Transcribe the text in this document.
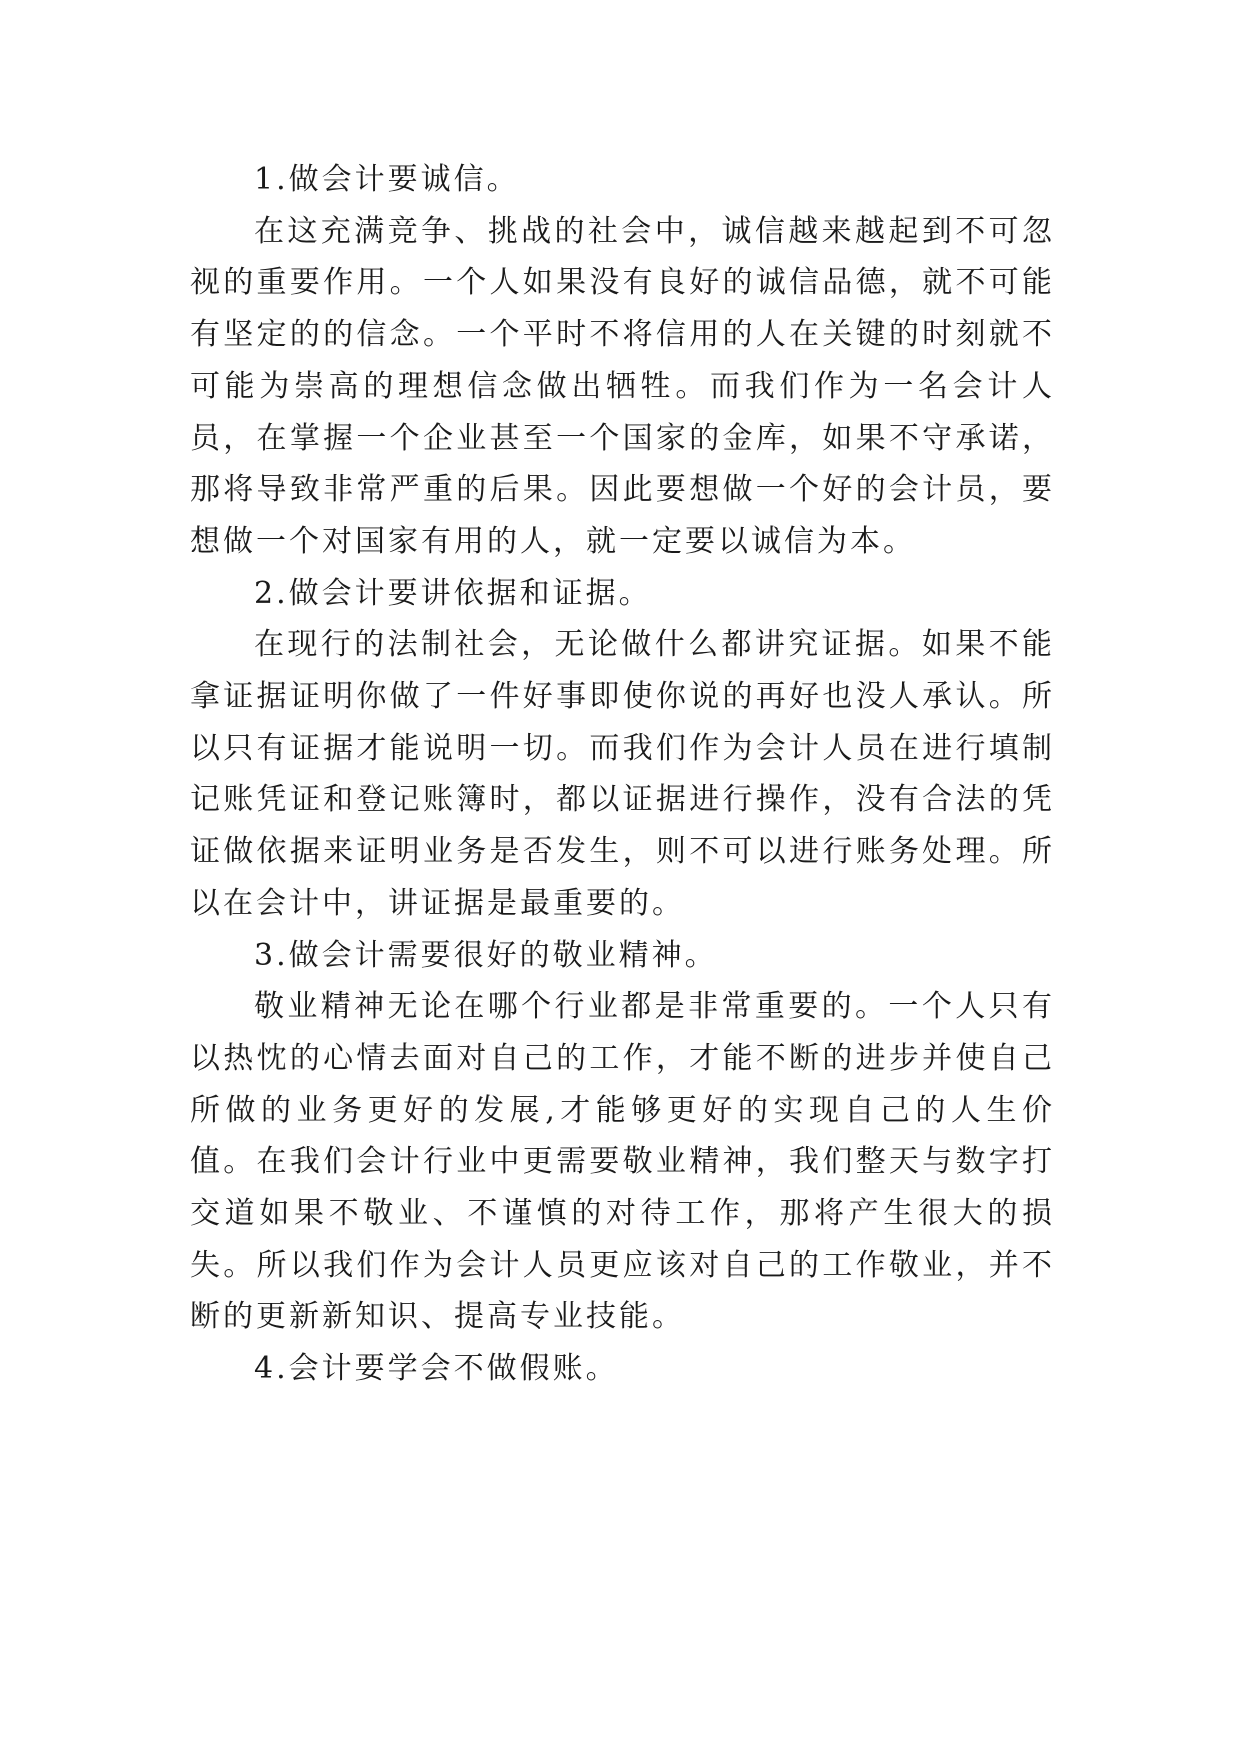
1.做会计要诚信。

在这充满竞争、挑战的社会中，诚信越来越起到不可忽视的重要作用。一个人如果没有良好的诚信品德，就不可能有坚定的的信念。一个平时不将信用的人在关键的时刻就不可能为崇高的理想信念做出牺牲。而我们作为一名会计人员，在掌握一个企业甚至一个国家的金库，如果不守承诺，那将导致非常严重的后果。因此要想做一个好的会计员，要想做一个对国家有用的人，就一定要以诚信为本。

2.做会计要讲依据和证据。

在现行的法制社会，无论做什么都讲究证据。如果不能拿证据证明你做了一件好事即使你说的再好也没人承认。所以只有证据才能说明一切。而我们作为会计人员在进行填制记账凭证和登记账簿时，都以证据进行操作，没有合法的凭证做依据来证明业务是否发生，则不可以进行账务处理。所以在会计中，讲证据是最重要的。

3.做会计需要很好的敬业精神。

敬业精神无论在哪个行业都是非常重要的。一个人只有以热忱的心情去面对自己的工作，才能不断的进步并使自己所做的业务更好的发展,才能够更好的实现自己的人生价值。在我们会计行业中更需要敬业精神，我们整天与数字打交道如果不敬业、不谨慎的对待工作，那将产生很大的损失。所以我们作为会计人员更应该对自己的工作敬业，并不断的更新新知识、提高专业技能。

4.会计要学会不做假账。
